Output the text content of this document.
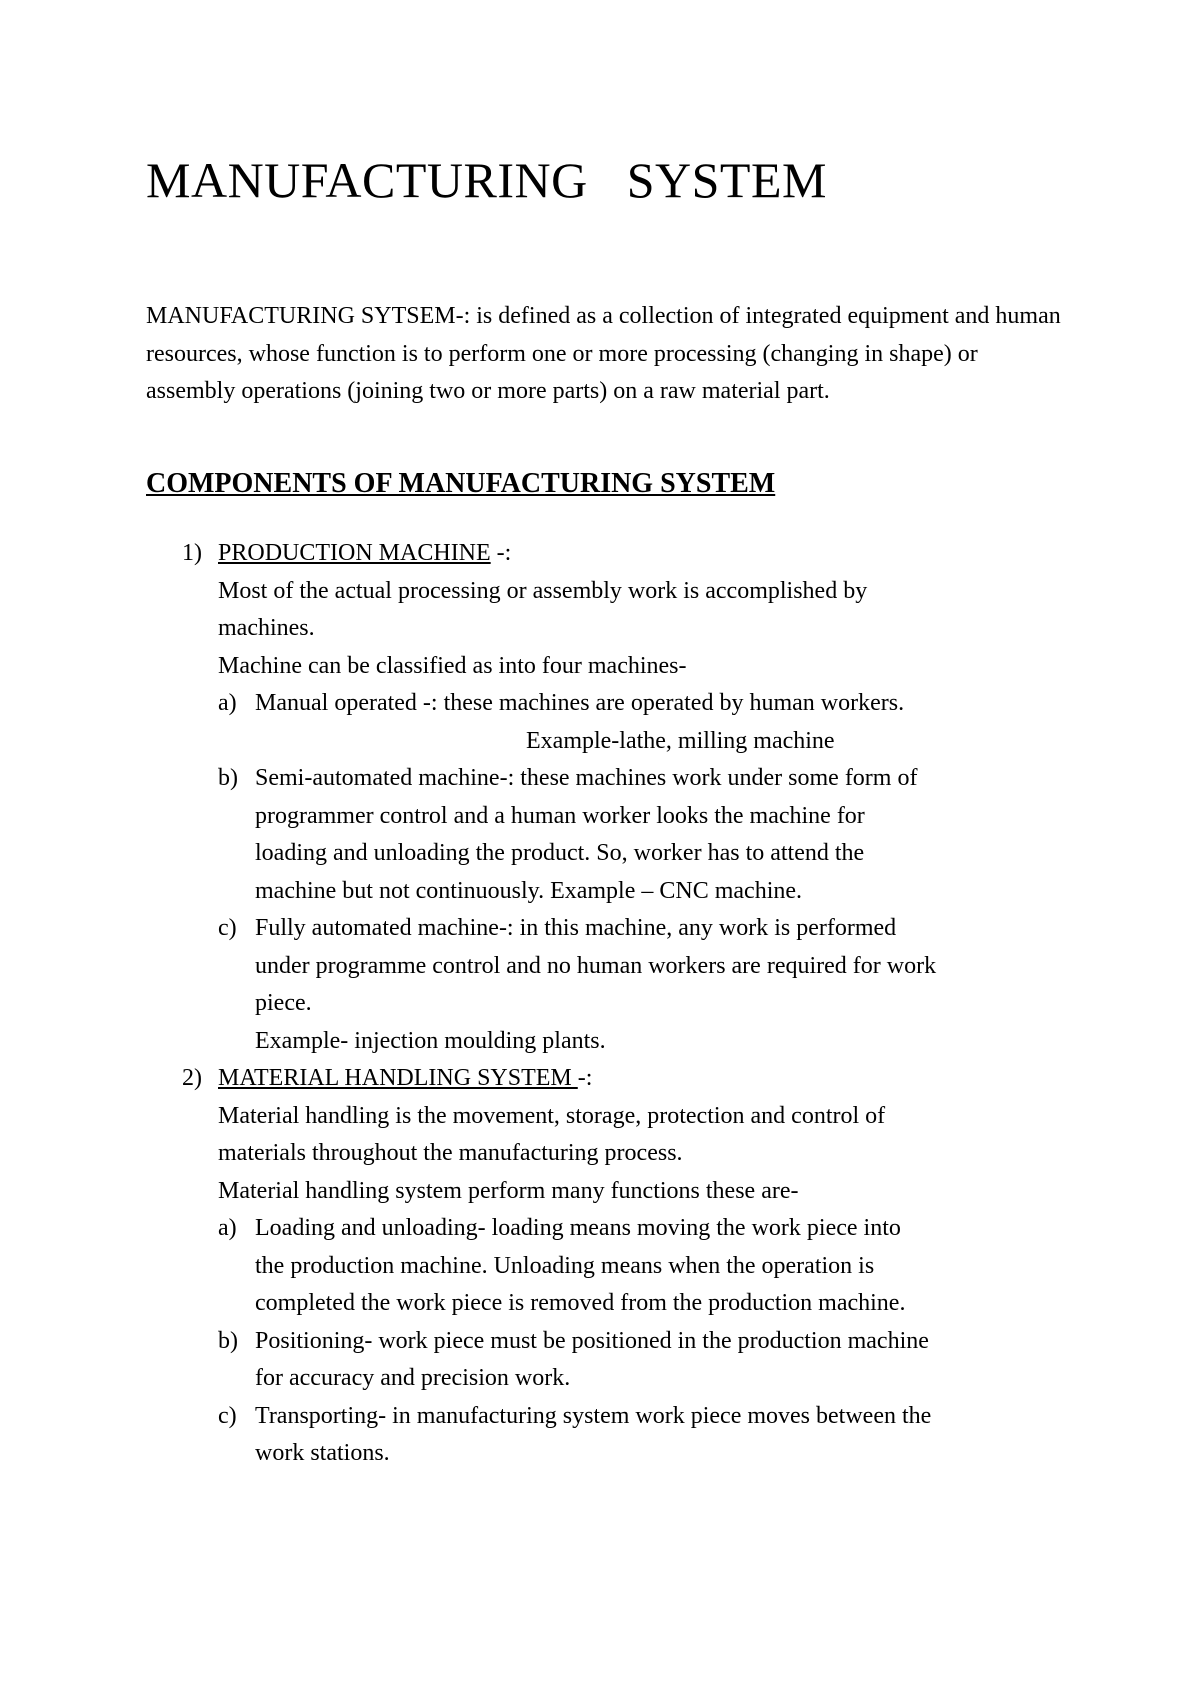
MANUFACTURING   SYSTEM

MANUFACTURING SYTSEM-: is defined as a collection of integrated equipment and human resources, whose function is to perform one or more processing (changing in shape) or assembly operations (joining two or more parts) on a raw material part.

COMPONENTS OF MANUFACTURING SYSTEM
1) PRODUCTION MACHINE -:
Most of the actual processing or assembly work is accomplished by
machines.
Machine can be classified as into four machines-
a) Manual operated -: these machines are operated by human workers.
Example-lathe, milling machine
b) Semi-automated machine-: these machines work under some form of
programmer control and a human worker looks the machine for
loading and unloading the product. So, worker has to attend the
machine but not continuously. Example – CNC machine.
c) Fully automated machine-: in this machine, any work is performed
under programme control and no human workers are required for work
piece.
Example- injection moulding plants.
2) MATERIAL HANDLING SYSTEM -:
Material handling is the movement, storage, protection and control of
materials throughout the manufacturing process.
Material handling system perform many functions these are-
a) Loading and unloading- loading means moving the work piece into
the production machine. Unloading means when the operation is
completed the work piece is removed from the production machine.
b) Positioning- work piece must be positioned in the production machine
for accuracy and precision work.
c) Transporting- in manufacturing system work piece moves between the
work stations.
